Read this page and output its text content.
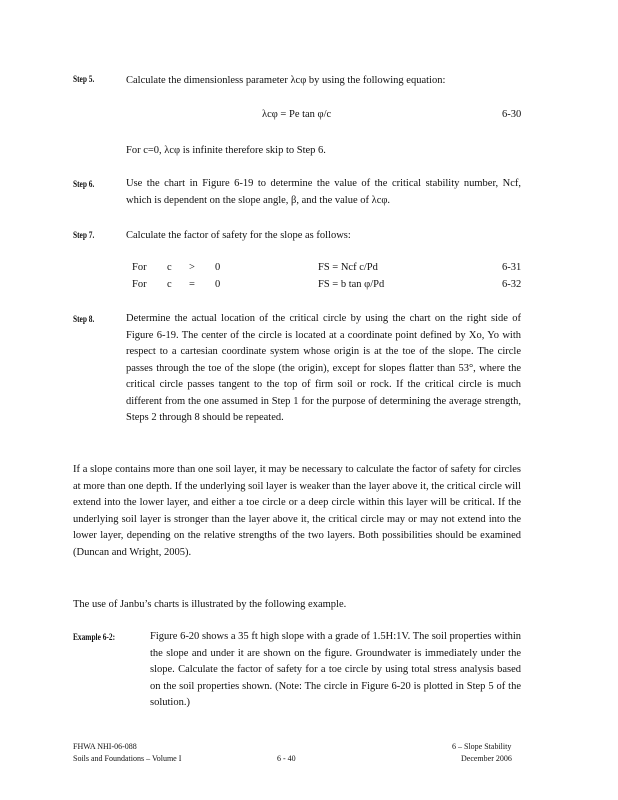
Step 5.	Calculate the dimensionless parameter λcφ by using the following equation:
λcφ = Pe tan φ/c	6-30
For c=0, λcφ is infinite therefore skip to Step 6.
Step 6.	Use the chart in Figure 6-19 to determine the value of the critical stability number, Ncf, which is dependent on the slope angle, β, and the value of λcφ.
Step 7.	Calculate the factor of safety for the slope as follows:
For c > 0	FS = Ncf c/Pd	6-31
For c = 0	FS = b tan φ/Pd	6-32
Step 8.	Determine the actual location of the critical circle by using the chart on the right side of Figure 6-19. The center of the circle is located at a coordinate point defined by Xo, Yo with respect to a cartesian coordinate system whose origin is at the toe of the slope. The circle passes through the toe of the slope (the origin), except for slopes flatter than 53°, where the critical circle passes tangent to the top of firm soil or rock. If the critical circle is much different from the one assumed in Step 1 for the purpose of determining the average strength, Steps 2 through 8 should be repeated.
If a slope contains more than one soil layer, it may be necessary to calculate the factor of safety for circles at more than one depth. If the underlying soil layer is weaker than the layer above it, the critical circle will extend into the lower layer, and either a toe circle or a deep circle within this layer will be critical. If the underlying soil layer is stronger than the layer above it, the critical circle may or may not extend into the lower layer, depending on the relative strengths of the two layers. Both possibilities should be examined (Duncan and Wright, 2005).
The use of Janbu’s charts is illustrated by the following example.
Example 6-2:	Figure 6-20 shows a 35 ft high slope with a grade of 1.5H:1V. The soil properties within the slope and under it are shown on the figure. Groundwater is immediately under the slope. Calculate the factor of safety for a toe circle by using total stress analysis based on the soil properties shown. (Note: The circle in Figure 6-20 is plotted in Step 5 of the solution.)
FHWA NHI-06-088
Soils and Foundations – Volume I	6 - 40
6 – Slope Stability
December 2006
